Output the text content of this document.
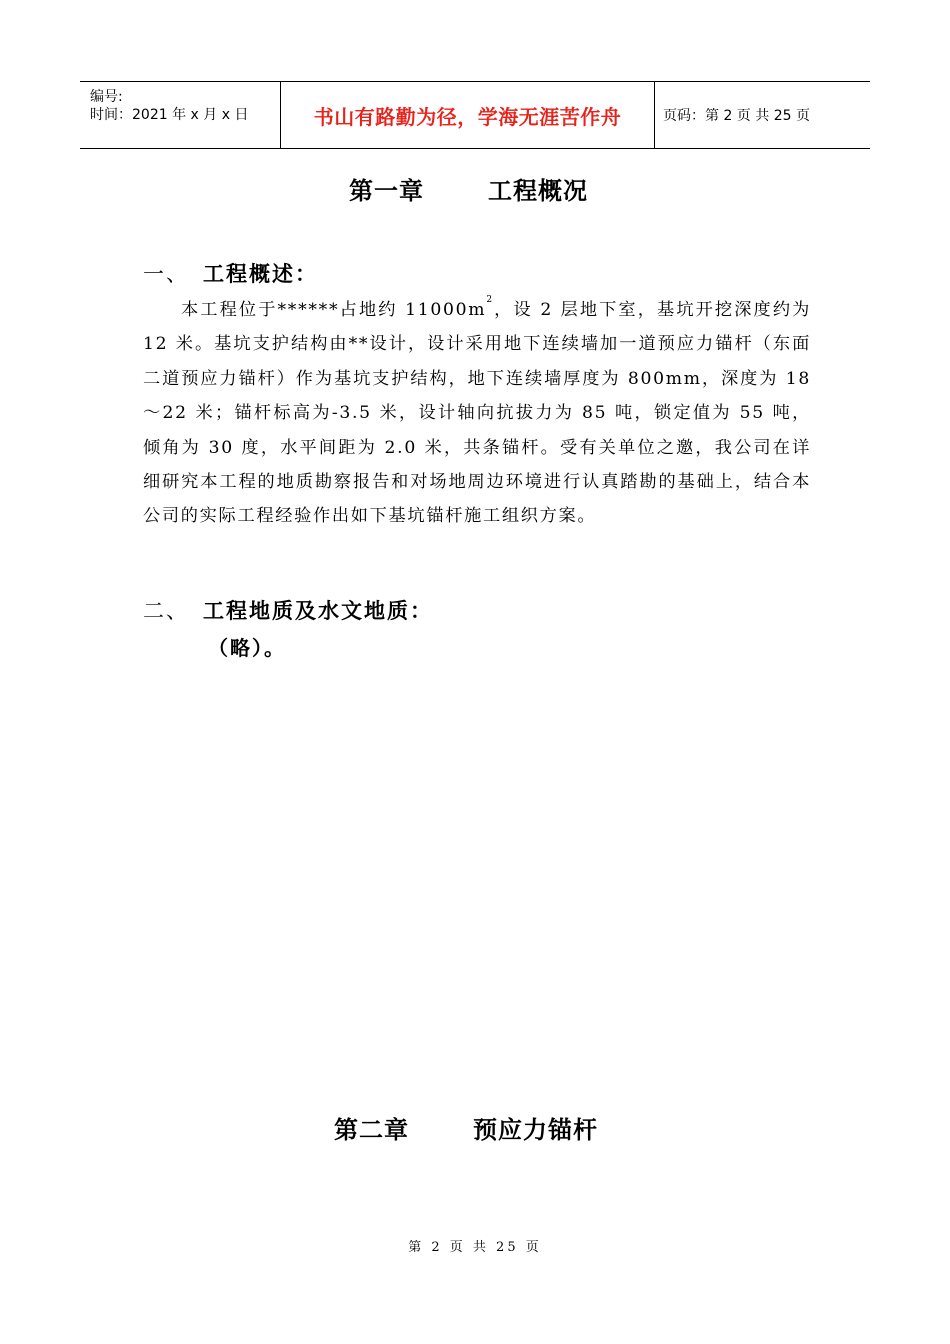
编号:
时间：2021 年 x 月 x 日	书山有路勤为径，学海无涯苦作舟	页码：第 2 页 共 25 页
第一章	工程概况
一、 工程概述：

本工程位于******占地约 $11000m^2$，设 2 层地下室，基坑开挖深度约为 12 米。基坑支护结构由**设计，设计采用地下连续墙加一道预应力锚杆（东面二道预应力锚杆）作为基坑支护结构，地下连续墙厚度为 800mm，深度为 18～22 米；锚杆标高为-3.5 米，设计轴向抗拔力为 85 吨，锁定值为 55 吨，倾角为 30 度，水平间距为 2.0 米，共条锚杆。受有关单位之邀，我公司在详细研究本工程的地质勘察报告和对场地周边环境进行认真踏勘的基础上，结合本公司的实际工程经验作出如下基坑锚杆施工组织方案。

二、 工程地质及水文地质：
（略）。
第二章	预应力锚杆
第 2 页 共 25 页
